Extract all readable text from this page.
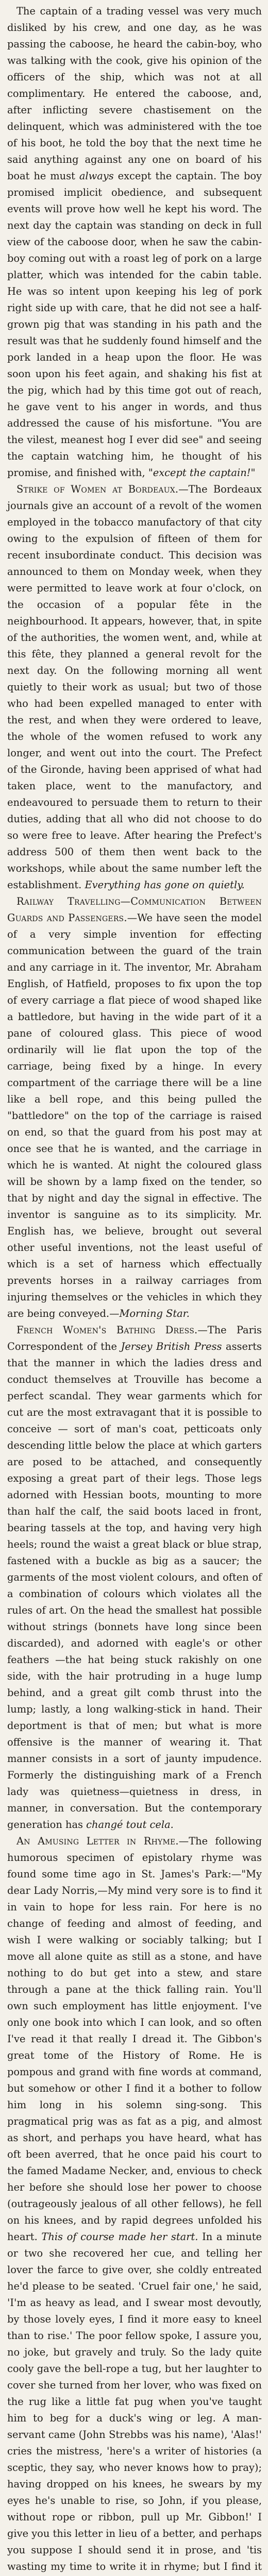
The captain of a trading vessel was very much disliked by his crew, and one day, as he was passing the caboose, he heard the cabin-boy, who was talking with the cook, give his opinion of the officers of the ship, which was not at all complimentary. He entered the caboose, and, after inflicting severe chastisement on the delinquent, which was administered with the toe of his boot, he told the boy that the next time he said anything against any one on board of his boat he must always except the captain. The boy promised implicit obedience, and subsequent events will prove how well he kept his word. The next day the captain was standing on deck in full view of the caboose door, when he saw the cabin-boy coming out with a roast leg of pork on a large platter, which was intended for the cabin table. He was so intent upon keeping his leg of pork right side up with care, that he did not see a half-grown pig that was standing in his path and the result was that he suddenly found himself and the pork landed in a heap upon the floor. He was soon upon his feet again, and shaking his fist at the pig, which had by this time got out of reach, he gave vent to his anger in words, and thus addressed the cause of his misfortune. "You are the vilest, meanest hog I ever did see" and seeing the captain watching him, he thought of his promise, and finished with, "except the captain!"

Strike of Women at Bordeaux.—The Bordeaux journals give an account of a revolt of the women employed in the tobacco manufactory of that city owing to the expulsion of fifteen of them for recent insubordinate conduct. This decision was announced to them on Monday week, when they were permitted to leave work at four o'clock, on the occasion of a popular fête in the neighbourhood. It appears, however, that, in spite of the authorities, the women went, and, while at this fête, they planned a general revolt for the next day. On the following morning all went quietly to their work as usual; but two of those who had been expelled managed to enter with the rest, and when they were ordered to leave, the whole of the women refused to work any longer, and went out into the court. The Prefect of the Gironde, having been apprised of what had taken place, went to the manufactory, and endeavoured to persuade them to return to their duties, adding that all who did not choose to do so were free to leave. After hearing the Prefect's address 500 of them then went back to the workshops, while about the same number left the establishment. Everything has gone on quietly.

Railway Travelling—Communication Between Guards and Passengers.—We have seen the model of a very simple invention for effecting communication between the guard of the train and any carriage in it. The inventor, Mr. Abraham English, of Hatfield, proposes to fix upon the top of every carriage a flat piece of wood shaped like a battledore, but having in the wide part of it a pane of coloured glass. This piece of wood ordinarily will lie flat upon the top of the carriage, being fixed by a hinge. In every compartment of the carriage there will be a line like a bell rope, and this being pulled the "battledore" on the top of the carriage is raised on end, so that the guard from his post may at once see that he is wanted, and the carriage in which he is wanted. At night the coloured glass will be shown by a lamp fixed on the tender, so that by night and day the signal in effective. The inventor is sanguine as to its simplicity. Mr. English has, we believe, brought out several other useful inventions, not the least useful of which is a set of harness which effectually prevents horses in a railway carriages from injuring themselves or the vehicles in which they are being conveyed.—Morning Star.

French Women's Bathing Dress.—The Paris Correspondent of the Jersey British Press asserts that the manner in which the ladies dress and conduct themselves at Trouville has become a perfect scandal. They wear garments which for cut are the most extravagant that it is possible to conceive — sort of man's coat, petticoats only descending little below the place at which garters are posed to be attached, and consequently exposing a great part of their legs. Those legs adorned with Hessian boots, mounting to more than half the calf, the said boots laced in front, bearing tassels at the top, and having very high heels; round the waist a great black or blue strap, fastened with a buckle as big as a saucer; the garments of the most violent colours, and often of a combination of colours which violates all the rules of art. On the head the smallest hat possible without strings (bonnets have long since been discarded), and adorned with eagle's or other feathers —the hat being stuck rakishly on one side, with the hair protruding in a huge lump behind, and a great gilt comb thrust into the lump; lastly, a long walking-stick in hand. Their deportment is that of men; but what is more offensive is the manner of wearing it. That manner consists in a sort of jaunty impudence. Formerly the distinguishing mark of a French lady was quietness—quietness in dress, in manner, in conversation. But the contemporary generation has changé tout cela.

An Amusing Letter in Rhyme.—The following humorous specimen of epistolary rhyme was found some time ago in St. James's Park:—"My dear Lady Norris,—My mind very sore is to find it in vain to hope for less rain. For here is no change of feeding and almost of feeding, and wish I were walking or sociably talking; but I move all alone quite as still as a stone, and have nothing to do but get into a stew, and stare through a pane at the thick falling rain. You'll own such employment has little enjoyment. I've only one book into which I can look, and so often I've read it that really I dread it. The Gibbon's great tome of the History of Rome. He is pompous and grand with fine words at command, but somehow or other I find it a bother to follow him long in his solemn sing-song. This pragmatical prig was as fat as a pig, and almost as short, and perhaps you have heard, what has oft been averred, that he once paid his court to the famed Madame Necker, and, envious to check her before she should lose her power to choose (outrageously jealous of all other fellows), he fell on his knees, and by rapid degrees unfolded his heart. This of course made her start. In a minute or two she recovered her cue, and telling her lover the farce to give over, she coldly entreated he'd please to be seated. 'Cruel fair one,' he said, 'I'm as heavy as lead, and I swear most devoutly, by those lovely eyes, I find it more easy to kneel than to rise.' The poor fellow spoke, I assure you, no joke, but gravely and truly. So the lady quite cooly gave the bell-rope a tug, but her laughter to cover she turned from her lover, who was fixed on the rug like a little fat pug when you've taught him to beg for a duck's wing or leg. A man-servant came (John Strebbs was his name), 'Alas!' cries the mistress, 'here's a writer of histories (a sceptic, they say, who never knows how to pray); having dropped on his knees, he swears by my eyes he's unable to rise, so John, if you please, without rope or ribbon, pull up Mr. Gibbon!' I give you this letter in lieu of a better, and perhaps you suppose I should send it in prose, and 'tis wasting my time to write it in rhyme; but I find it
